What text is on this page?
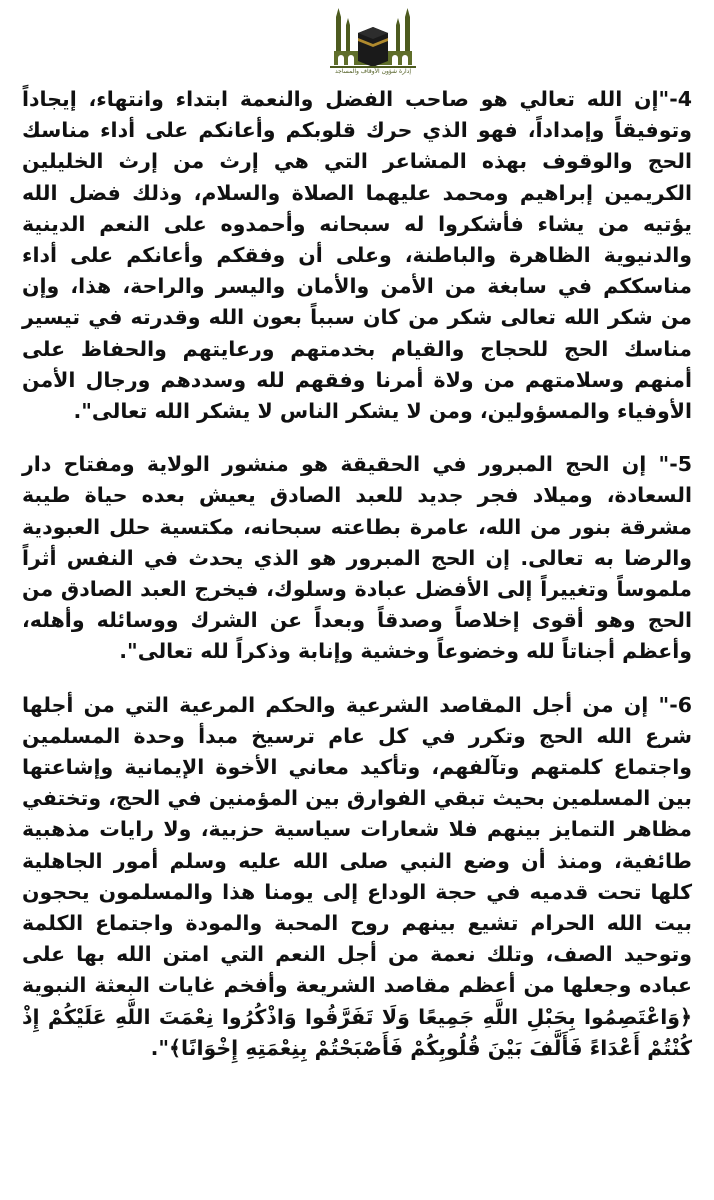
إدارة شؤون الأوقاف والمساجد

4-"إن الله تعالي هو صاحب الفضل والنعمة ابتداء وانتهاء، إيجاداً وتوفيقاً وإمداداً، فهو الذي حرك قلوبكم وأعانكم على أداء مناسك الحج والوقوف بهذه المشاعر التي هي إرث من إرث الخليلين الكريمين إبراهيم ومحمد عليهما الصلاة والسلام، وذلك فضل الله يؤتيه من يشاء فأشكروا له سبحانه وأحمدوه على النعم الدينية والدنيوية الظاهرة والباطنة، وعلى أن وفقكم وأعانكم على أداء مناسككم في سابغة من الأمن والأمان واليسر والراحة، هذا، وإن من شكر الله تعالى شكر من كان سبباً بعون الله وقدرته في تيسير مناسك الحج للحجاج والقيام بخدمتهم ورعايتهم والحفاظ على أمنهم وسلامتهم من ولاة أمرنا وفقهم لله وسددهم ورجال الأمن الأوفياء والمسؤولين، ومن لا يشكر الناس لا يشكر الله تعالى".

5-" إن الحج المبرور في الحقيقة هو منشور الولاية ومفتاح دار السعادة، وميلاد فجر جديد للعبد الصادق يعيش بعده حياة طيبة مشرقة بنور من الله، عامرة بطاعته سبحانه، مكتسية حلل العبودية والرضا به تعالى. إن الحج المبرور هو الذي يحدث في النفس أثراً ملموساً وتغييراً إلى الأفضل عبادة وسلوك، فيخرج العبد الصادق من الحج وهو أقوى إخلاصاً وصدقاً وبعداً عن الشرك ووسائله وأهله، وأعظم أجناتاً لله وخضوعاً وخشية وإنابة وذكراً لله تعالى".

6-" إن من أجل المقاصد الشرعية والحكم المرعية التي من أجلها شرع الله الحج وتكرر في كل عام ترسيخ مبدأ وحدة المسلمين واجتماع كلمتهم وتآلفهم، وتأكيد معاني الأخوة الإيمانية وإشاعتها بين المسلمين بحيث تبقي الفوارق بين المؤمنين في الحج، وتختفي مظاهر التمايز بينهم فلا شعارات سياسية حزبية، ولا رايات مذهبية طائفية، ومنذ أن وضع النبي صلى الله عليه وسلم أمور الجاهلية كلها تحت قدميه في حجة الوداع إلى يومنا هذا والمسلمون يحجون بيت الله الحرام تشيع بينهم روح المحبة والمودة واجتماع الكلمة وتوحيد الصف، وتلك نعمة من أجل النعم التي امتن الله بها على عباده وجعلها من أعظم مقاصد الشريعة وأفخم غايات البعثة النبوية ﴿وَاعْتَصِمُوا بِحَبْلِ اللَّهِ جَمِيعًا وَلَا تَفَرَّقُوا وَاذْكُرُوا نِعْمَتَ اللَّهِ عَلَيْكُمْ إِذْ كُنْتُمْ أَعْدَاءً فَأَلَّفَ بَيْنَ قُلُوبِكُمْ فَأَصْبَحْتُمْ بِنِعْمَتِهِ إِخْوَانًا﴾".
